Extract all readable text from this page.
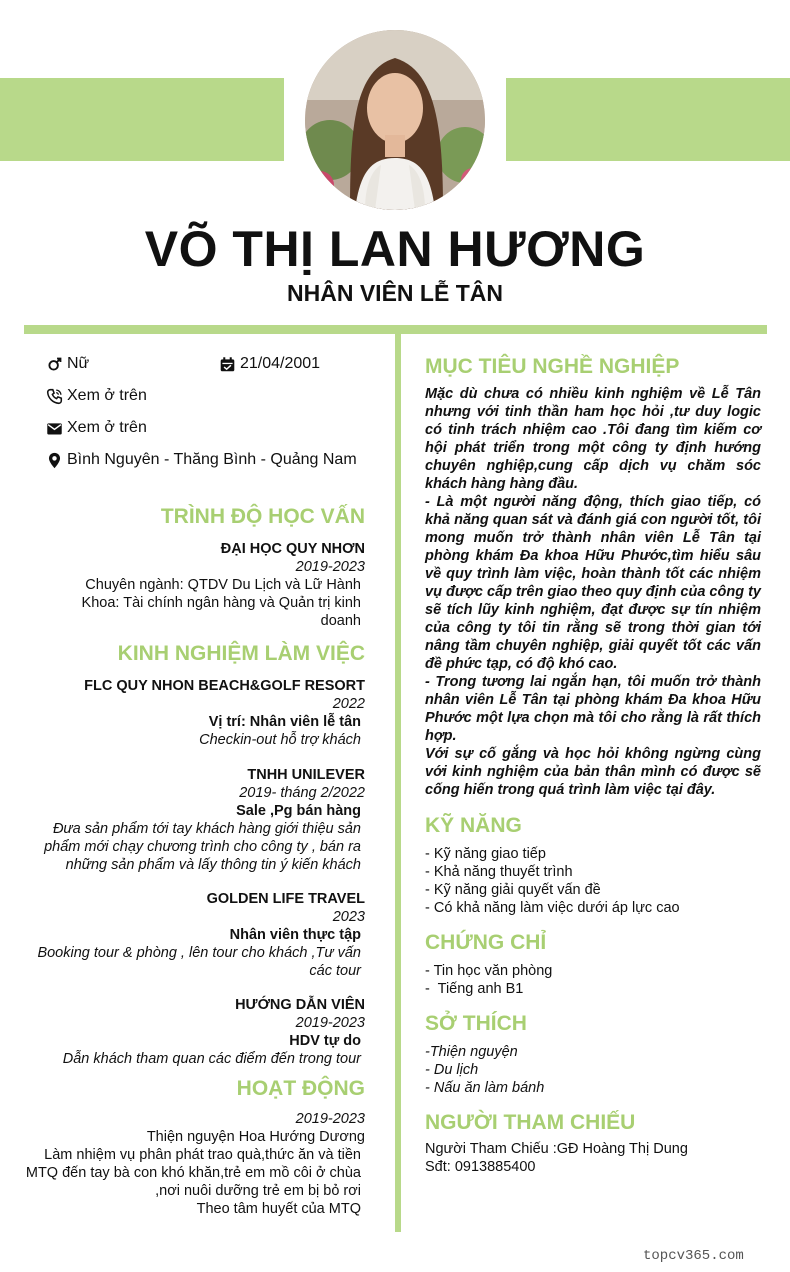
VÕ THỊ LAN HƯƠNG
NHÂN VIÊN LỄ TÂN
Nữ	21/04/2001
Xem ở trên
Xem ở trên
Bình Nguyên - Thăng Bình - Quảng Nam
TRÌNH ĐỘ HỌC VẤN
ĐẠI HỌC QUY NHƠN
2019-2023
Chuyên ngành: QTDV Du Lịch và Lữ Hành
Khoa: Tài chính ngân hàng và Quản trị kinh doanh
KINH NGHIỆM LÀM VIỆC
FLC QUY NHON BEACH&GOLF RESORT
2022
Vị trí: Nhân viên lễ tân
Checkin-out hỗ trợ khách
TNHH UNILEVER
2019- tháng 2/2022
Sale ,Pg bán hàng
Đưa sản phẩm tới tay khách hàng giới thiệu sản phẩm mới chạy chương trình cho công ty , bán ra những sản phẩm và lấy thông tin ý kiến khách
GOLDEN LIFE TRAVEL
2023
Nhân viên thực tập
Booking tour & phòng , lên tour cho khách ,Tư vấn các tour
HƯỚNG DẪN VIÊN
2019-2023
HDV tự do
Dẫn khách tham quan các điểm đến trong tour
HOẠT ĐỘNG
2019-2023
Thiện nguyện Hoa Hướng Dương
Làm nhiệm vụ phân phát trao quà,thức ăn và tiền MTQ đến tay bà con khó khăn,trẻ em mồ côi ở chùa ,nơi nuôi dưỡng trẻ em bị bỏ rơi
Theo tâm huyết của MTQ
MỤC TIÊU NGHỀ NGHIỆP
Mặc dù chưa có nhiều kinh nghiệm về Lễ Tân nhưng với tinh thần ham học hỏi ,tư duy logic có tinh trách nhiệm cao .Tôi đang tìm kiếm cơ hội phát triển trong một công ty định hướng chuyên nghiệp,cung cấp dịch vụ chăm sóc khách hàng hàng đầu.
- Là một người năng động, thích giao tiếp, có khả năng quan sát và đánh giá con người tốt, tôi mong muốn trở thành nhân viên Lễ Tân tại phòng khám Đa khoa Hữu Phước,tìm hiểu sâu về quy trình làm việc, hoàn thành tốt các nhiệm vụ được cấp trên giao theo quy định của công ty sẽ tích lũy kinh nghiệm, đạt được sự tín nhiệm của công ty tôi tin rằng sẽ trong thời gian tới nâng tầm chuyên nghiệp, giải quyết tốt các vấn đề phức tạp, có độ khó cao.
- Trong tương lai ngắn hạn, tôi muốn trở thành nhân viên Lễ Tân tại phòng khám Đa khoa Hữu Phước một lựa chọn mà tôi cho rằng là rất thích hợp.
Với sự cố gắng và học hỏi không ngừng cùng với kinh nghiệm của bản thân mình có được sẽ cống hiến trong quá trình làm việc tại đây.
KỸ NĂNG
- Kỹ năng giao tiếp
- Khả năng thuyết trình
- Kỹ năng giải quyết vấn đề
- Có khả năng làm việc dưới áp lực cao
CHỨNG CHỈ
- Tin học văn phòng
-  Tiếng anh B1
SỞ THÍCH
-Thiện nguyện
- Du lịch
- Nấu ăn làm bánh
NGƯỜI THAM CHIẾU
Người Tham Chiếu :GĐ Hoàng Thị Dung
Sđt: 0913885400
topcv365.com
